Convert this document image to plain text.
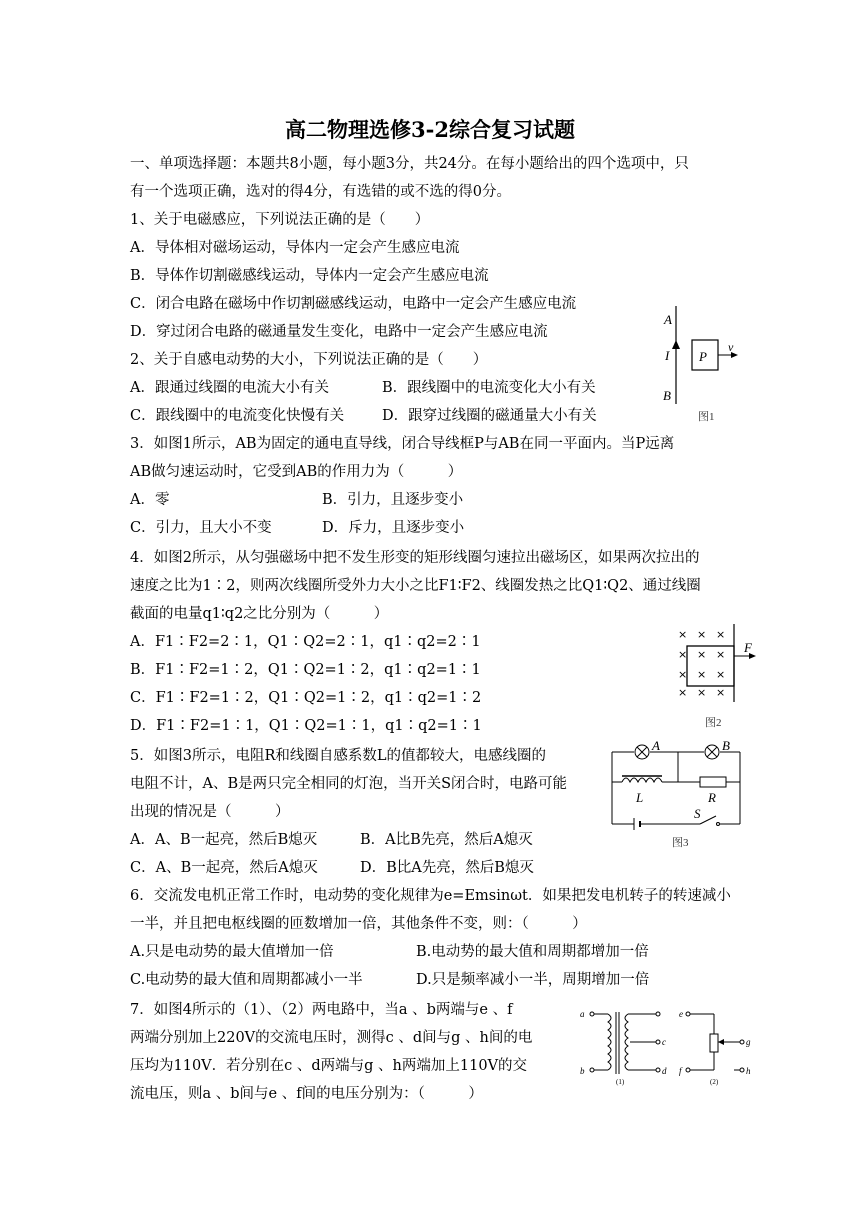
高二物理选修3-2综合复习试题
一、单项选择题：本题共8小题，每小题3分，共24分。在每小题给出的四个选项中，只
有一个选项正确，选对的得4分，有选错的或不选的得0分。
1、关于电磁感应，下列说法正确的是（　　）
A．导体相对磁场运动，导体内一定会产生感应电流
B．导体作切割磁感线运动，导体内一定会产生感应电流
C．闭合电路在磁场中作切割磁感线运动，电路中一定会产生感应电流
D．穿过闭合电路的磁通量发生变化，电路中一定会产生感应电流
2、关于自感电动势的大小，下列说法正确的是（　　）
A．跟通过线圈的电流大小有关	B．跟线圈中的电流变化大小有关
C．跟线圈中的电流变化快慢有关	D．跟穿过线圈的磁通量大小有关
3．如图1所示，AB为固定的通电直导线，闭合导线框P与AB在同一平面内。当P远离
AB做匀速运动时，它受到AB的作用力为（　　　）
A．零	B．引力，且逐步变小
C．引力，且大小不变	D．斥力，且逐步变小
4．如图2所示，从匀强磁场中把不发生形变的矩形线圈匀速拉出磁场区，如果两次拉出的
速度之比为1∶2，则两次线圈所受外力大小之比F1∶F2、线圈发热之比Q1∶Q2、通过线圈
截面的电量q1∶q2之比分别为（　　　）
A．F1∶F2=2∶1，Q1∶Q2=2∶1，q1∶q2=2∶1
B．F1∶F2=1∶2，Q1∶Q2=1∶2，q1∶q2=1∶1
C．F1∶F2=1∶2，Q1∶Q2=1∶2，q1∶q2=1∶2
D．F1∶F2=1∶1，Q1∶Q2=1∶1，q1∶q2=1∶1
5．如图3所示，电阻R和线圈自感系数L的值都较大，电感线圈的
电阻不计，A、B是两只完全相同的灯泡，当开关S闭合时，电路可能
出现的情况是（　　　）
A．A、B一起亮，然后B熄灭	B．A比B先亮，然后A熄灭
C．A、B一起亮，然后A熄灭	D．B比A先亮，然后B熄灭
6．交流发电机正常工作时，电动势的变化规律为e=Emsinωt．如果把发电机转子的转速减小
一半，并且把电枢线圈的匝数增加一倍，其他条件不变，则：（　　　）
A.只是电动势的最大值增加一倍	B.电动势的最大值和周期都增加一倍
C.电动势的最大值和周期都减小一半	D.只是频率减小一半，周期增加一倍
7．如图4所示的（1）、（2）两电路中，当a 、b两端与e 、f
两端分别加上220V的交流电压时，测得c 、d间与g 、h间的电
压均为110V．若分别在c 、d两端与g 、h两端加上110V的交
流电压，则a 、b间与e 、f间的电压分别为：（　　　）
A
I P
v
B
图1
× × ×
× × ×
× × ×
× × ×
F
图2
A	B
L	R
S
图3
a
b
c
d
e
f
g
h
(1)	(2)
